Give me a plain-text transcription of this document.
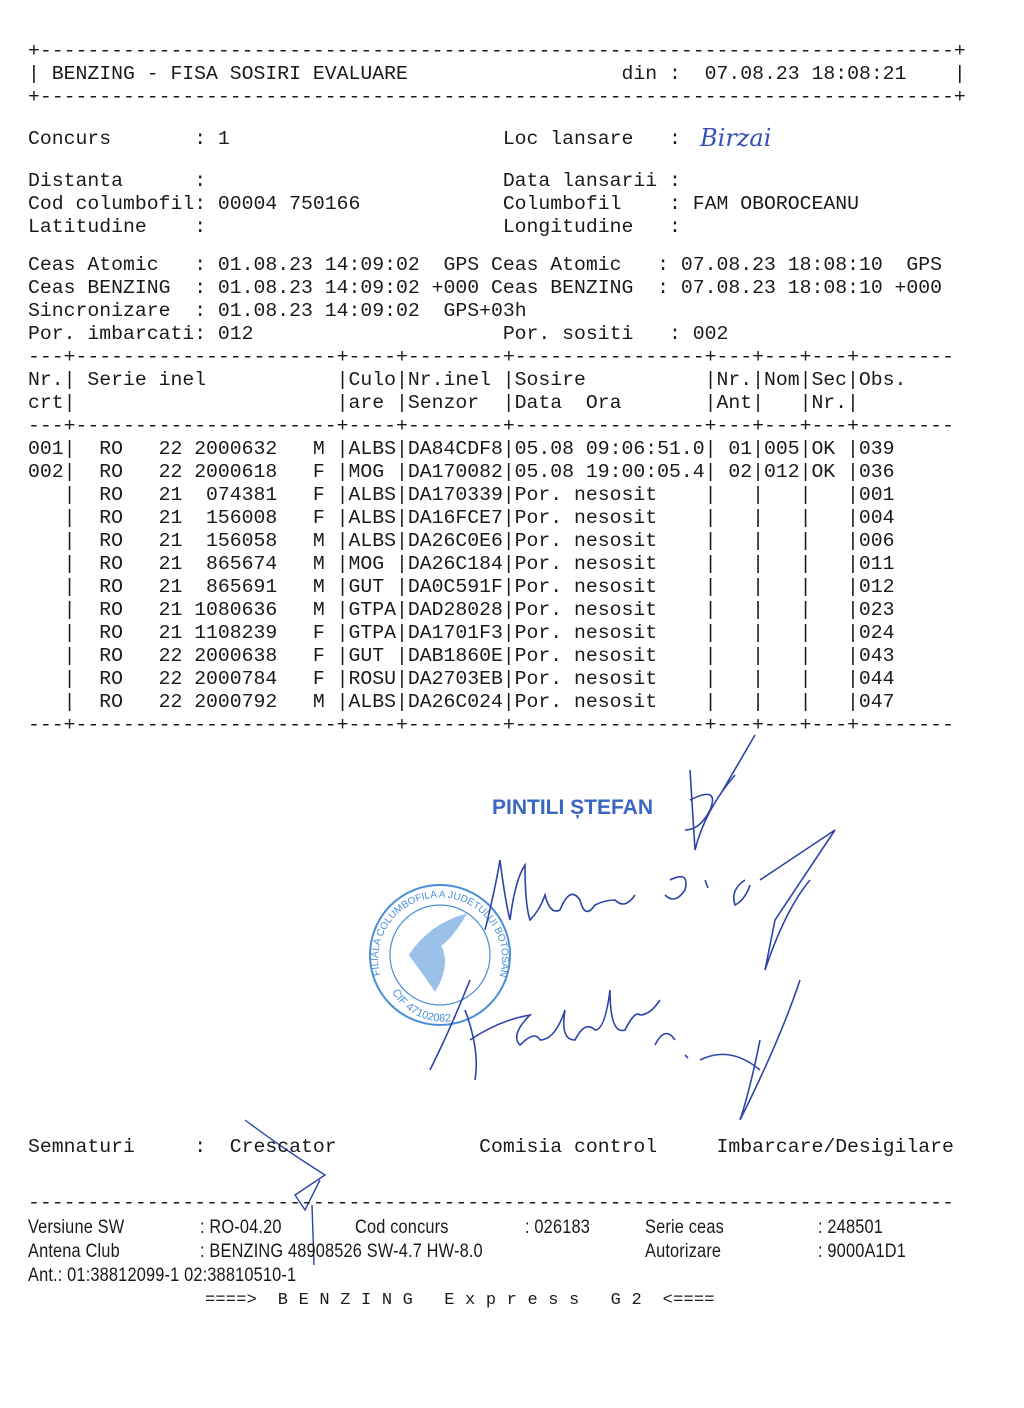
+-----------------------------------------------------------------------------+
| BENZING - FISA SOSIRI EVALUARE	din : 07.08.23 18:08:21 |
+-----------------------------------------------------------------------------+
Concurs       : 1	Loc lansare   : Birzai
Distanta      :	Data lansarii :
Cod columbofil: 00004 750166	Columbofil    : FAM OBOROCEANU
Latitudine    :	Longitudine   :
Ceas Atomic   : 01.08.23 14:09:02  GPS
Ceas BENZING  : 01.08.23 14:09:02 +000
Sincronizare  : 01.08.23 14:09:02  GPS+03h
Por. imbarcati: 012
Ceas Atomic   : 07.08.23 18:08:10  GPS
Ceas BENZING  : 07.08.23 18:08:10 +000
Por. sositi   : 002
---+----------------------+----+--------+----------------+---+---+---+--------
Nr.| Serie inel	|Culo|Nr.inel |Sosire	|Nr.|Nom|Sec|Obs.
crt|	|are |Senzor |Data  Ora	|Ant| |Nr.|
---+----------------------+----+--------+----------------+---+---+---+--------
001| RO 22 2000632 M |ALBS|DA84CDF8|05.08 09:06:51.0| 01|005|OK |039
002| RO 22 2000618 F |MOG |DA170082|05.08 19:00:05.4| 02|012|OK |036
| RO 21	074381 F |ALBS|DA170339|Por. nesosit | | | |001
| RO 21	156008 F |ALBS|DA16FCE7|Por. nesosit | | | |004
| RO 21	156058 M |ALBS|DA26C0E6|Por. nesosit | | | |006
| RO 21	865674 M |MOG |DA26C184|Por. nesosit | | | |011
| RO 21	865691 M |GUT |DA0C591F|Por. nesosit | | | |012
| RO 21 1080636 M |GTPA|DAD28028|Por. nesosit | | | |023
| RO 21 1108239 F |GTPA|DA1701F3|Por. nesosit | | | |024
| RO 22 2000638 F |GUT |DAB1860E|Por. nesosit | | | |043
| RO 22 2000784 F |ROSU|DA2703EB|Por. nesosit | | | |044
| RO 22 2000792 M |ALBS|DA26C024|Por. nesosit | | | |047
---+----------------------+----+--------+----------------+---+---+---+--------
PINTILI ȘTEFAN
FILIALA COLUMBOFILA A JUDETULUI BOTOSAN
CIF 47102082
Semnaturi     : Crescator	Comisia control	Imbarcare/Desigilare
------------------------------------------------------------------------------
Versiune SW	: RO-04.20	Cod concurs	: 026183	Serie ceas	: 248501
Antena Club	: BENZING 48908526 SW-4.7 HW-8.0	Autorizare	: 9000A1D1
Ant.: 01:38812099-1 02:38810510-1
====>  B E N Z I N G   E x p r e s s   G 2  <====
